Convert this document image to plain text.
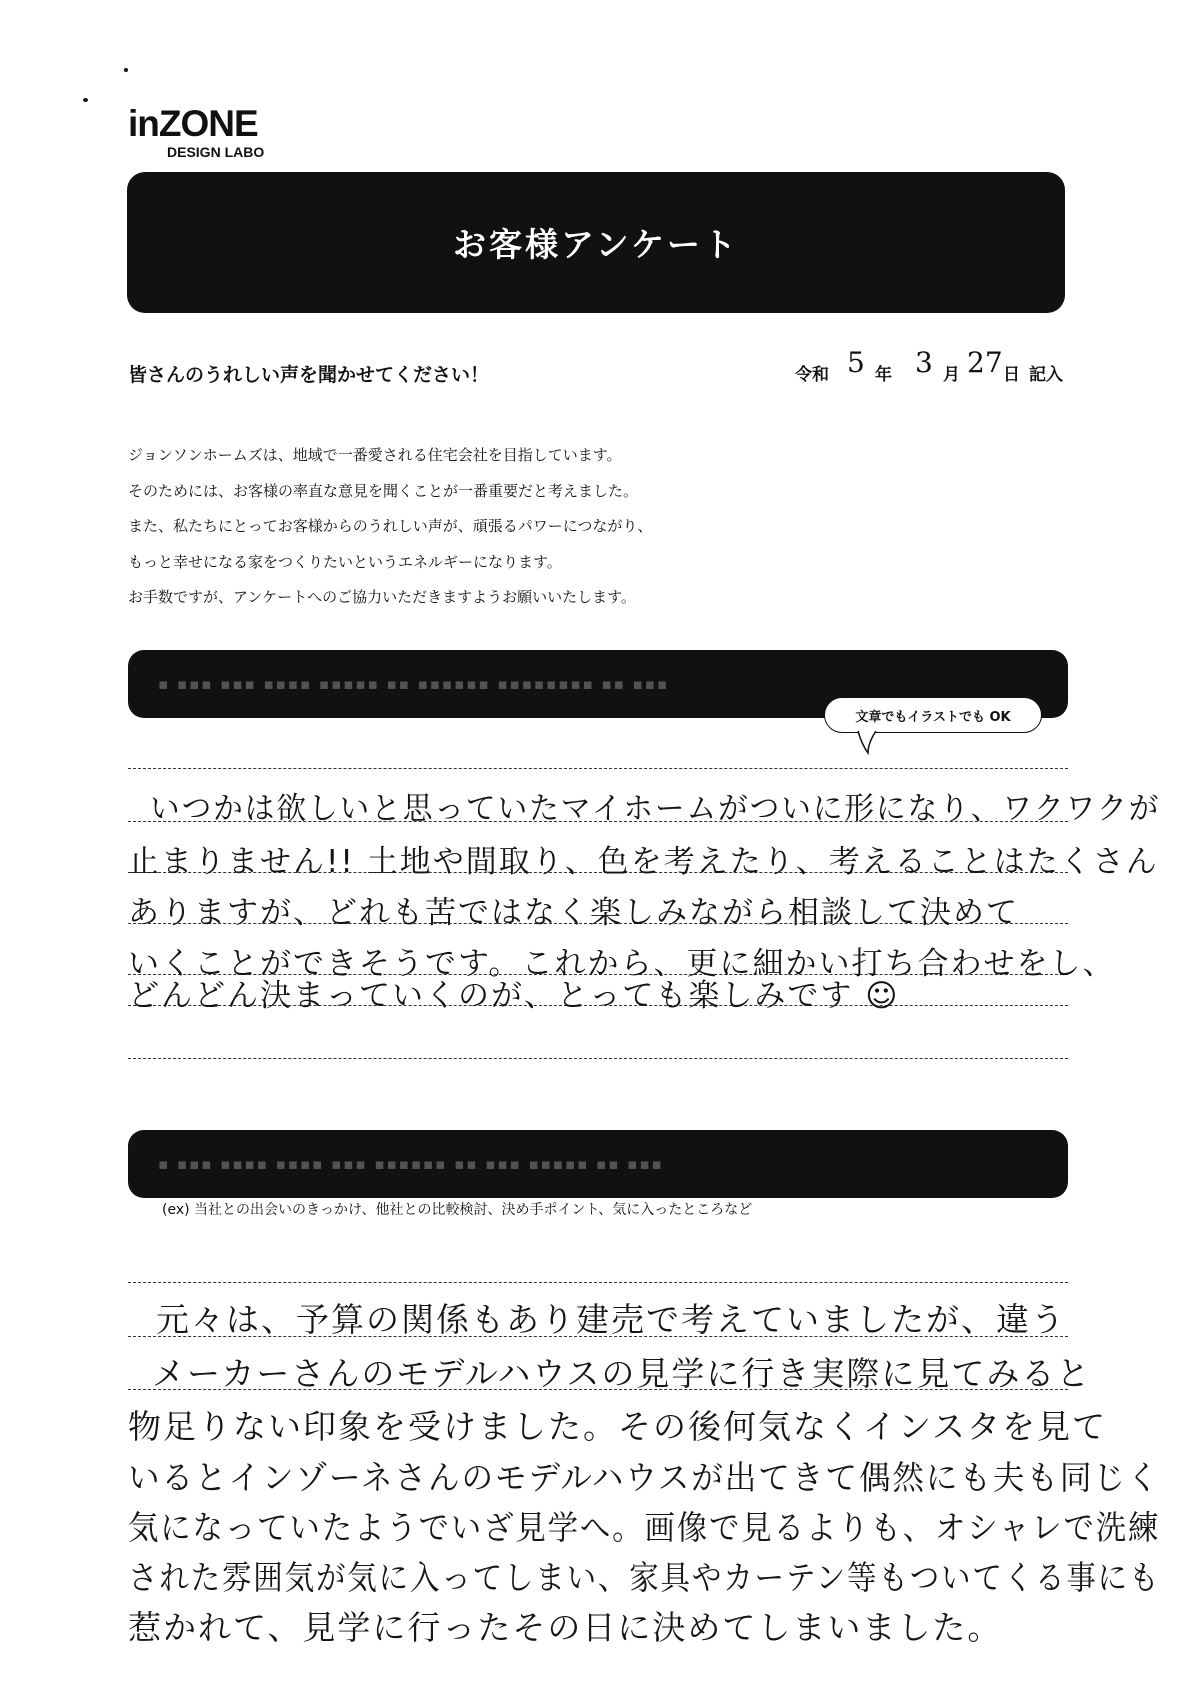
inZONE
DESIGN LABO
お客様アンケート
皆さんのうれしい声を聞かせてください！	令和 5 年 3 月 27 日 記入
ジョンソンホームズは、地域で一番愛される住宅会社を目指しています。
そのためには、お客様の率直な意見を聞くことが一番重要だと考えました。
また、私たちにとってお客様からのうれしい声が、頑張るパワーにつながり、
もっと幸せになる家をつくりたいというエネルギーになります。
お手数ですが、アンケートへのご協力いただきますようお願いいたします。
▪ ▪▪▪ ▪▪▪ ▪▪▪▪ ▪▪▪▪▪ ▪▪ ▪▪▪▪▪▪ ▪▪▪▪▪▪▪▪ ▪▪ ▪▪▪
文章でもイラストでも OK
いつかは欲しいと思っていたマイホームがついに形になり、ワクワクが
止まりません!! 土地や間取り、色を考えたり、考えることはたくさん
ありますが、どれも苦ではなく楽しみながら相談して決めて
いくことができそうです。これから、更に細かい打ち合わせをし、
どんどん決まっていくのが、とっても楽しみです ☺
▪ ▪▪▪ ▪▪▪▪ ▪▪▪▪ ▪▪▪ ▪▪▪▪▪▪ ▪▪ ▪▪▪ ▪▪▪▪▪ ▪▪ ▪▪▪
(ex) 当社との出会いのきっかけ、他社との比較検討、決め手ポイント、気に入ったところなど
元々は、予算の関係もあり建売で考えていましたが、違う
メーカーさんのモデルハウスの見学に行き実際に見てみると
物足りない印象を受けました。その後何気なくインスタを見て
いるとインゾーネさんのモデルハウスが出てきて偶然にも夫も同じく
気になっていたようでいざ見学へ。画像で見るよりも、オシャレで洗練
された雰囲気が気に入ってしまい、家具やカーテン等もついてくる事にも
惹かれて、見学に行ったその日に決めてしまいました。
